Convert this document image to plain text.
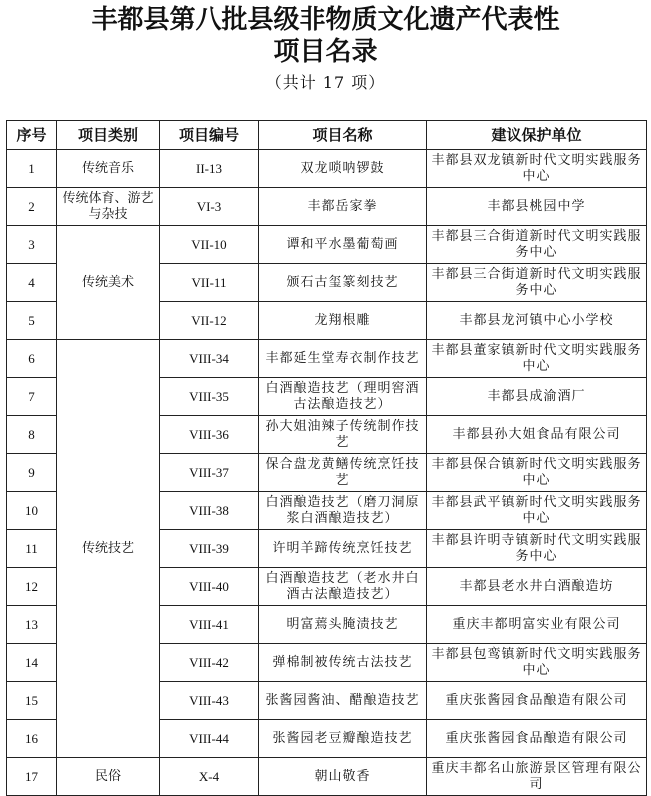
丰都县第八批县级非物质文化遗产代表性
项目名录
（共计 17 项）
序号	项目类别	项目编号	项目名称	建议保护单位
1	传统音乐	II-13	双龙唢呐锣鼓	丰都县双龙镇新时代文明实践服务中心
2	传统体育、游艺与杂技	VI-3	丰都岳家拳	丰都县桃园中学
3	传统美术	VII-10	谭和平水墨葡萄画	丰都县三合街道新时代文明实践服务中心
4		VII-11	颁石古玺篆刻技艺	丰都县三合街道新时代文明实践服务中心
5		VII-12	龙翔根雕	丰都县龙河镇中心小学校
6	传统技艺	VIII-34	丰都延生堂寿衣制作技艺	丰都县董家镇新时代文明实践服务中心
7		VIII-35	白酒酿造技艺（理明窖酒古法酿造技艺）	丰都县成渝酒厂
8		VIII-36	孙大姐油辣子传统制作技艺	丰都县孙大姐食品有限公司
9		VIII-37	保合盘龙黄鳝传统烹饪技艺	丰都县保合镇新时代文明实践服务中心
10		VIII-38	白酒酿造技艺（磨刀洞原浆白酒酿造技艺）	丰都县武平镇新时代文明实践服务中心
11		VIII-39	许明羊蹄传统烹饪技艺	丰都县许明寺镇新时代文明实践服务中心
12		VIII-40	白酒酿造技艺（老水井白酒古法酿造技艺）	丰都县老水井白酒酿造坊
13		VIII-41	明富蔫头腌渍技艺	重庆丰都明富实业有限公司
14		VIII-42	弹棉制被传统古法技艺	丰都县包鸾镇新时代文明实践服务中心
15		VIII-43	张酱园酱油、醋酿造技艺	重庆张酱园食品酿造有限公司
16		VIII-44	张酱园老豆瓣酿造技艺	重庆张酱园食品酿造有限公司
17	民俗	X-4	朝山敬香	重庆丰都名山旅游景区管理有限公司
